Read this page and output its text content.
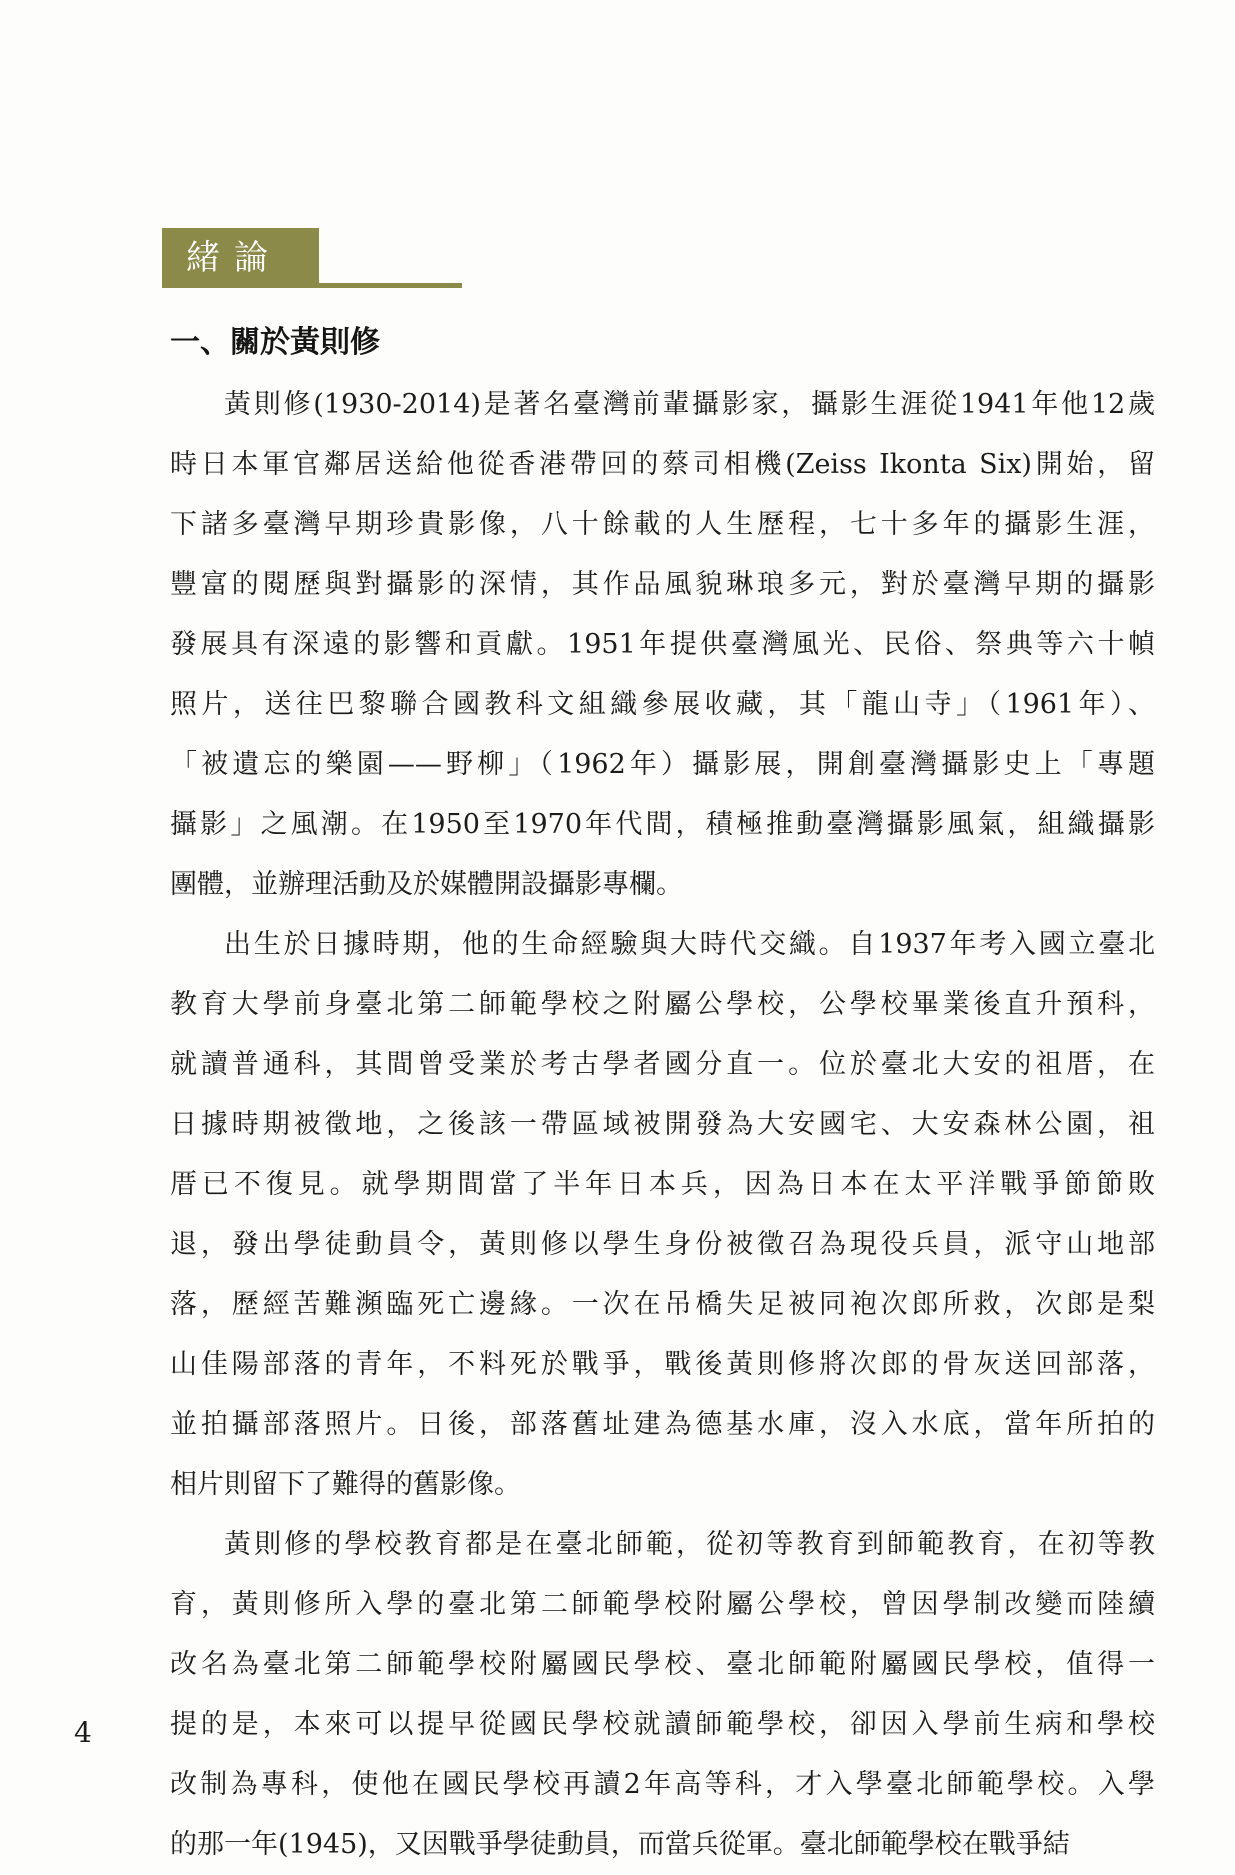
緒論
一、關於黃則修
黃則修(1930-2014)是著名臺灣前輩攝影家，攝影生涯從1941年他12歲
時日本軍官鄰居送給他從香港帶回的蔡司相機(Zeiss Ikonta Six)開始，留
下諸多臺灣早期珍貴影像，八十餘載的人生歷程，七十多年的攝影生涯，
豐富的閱歷與對攝影的深情，其作品風貌琳琅多元，對於臺灣早期的攝影
發展具有深遠的影響和貢獻。1951年提供臺灣風光、民俗、祭典等六十幀
照片，送往巴黎聯合國教科文組織參展收藏，其「龍山寺」（1961年）、
「被遺忘的樂園——野柳」（1962年）攝影展，開創臺灣攝影史上「專題
攝影」之風潮。在1950至1970年代間，積極推動臺灣攝影風氣，組織攝影
團體，並辦理活動及於媒體開設攝影專欄。
出生於日據時期，他的生命經驗與大時代交織。自1937年考入國立臺北
教育大學前身臺北第二師範學校之附屬公學校，公學校畢業後直升預科，
就讀普通科，其間曾受業於考古學者國分直一。位於臺北大安的祖厝，在
日據時期被徵地，之後該一帶區域被開發為大安國宅、大安森林公園，祖
厝已不復見。就學期間當了半年日本兵，因為日本在太平洋戰爭節節敗
退，發出學徒動員令，黃則修以學生身份被徵召為現役兵員，派守山地部
落，歷經苦難瀕臨死亡邊緣。一次在吊橋失足被同袍次郎所救，次郎是梨
山佳陽部落的青年，不料死於戰爭，戰後黃則修將次郎的骨灰送回部落，
並拍攝部落照片。日後，部落舊址建為德基水庫，沒入水底，當年所拍的
相片則留下了難得的舊影像。
黃則修的學校教育都是在臺北師範，從初等教育到師範教育，在初等教
育，黃則修所入學的臺北第二師範學校附屬公學校，曾因學制改變而陸續
改名為臺北第二師範學校附屬國民學校、臺北師範附屬國民學校，值得一
提的是，本來可以提早從國民學校就讀師範學校，卻因入學前生病和學校
改制為專科，使他在國民學校再讀2年高等科，才入學臺北師範學校。入學
的那一年(1945)，又因戰爭學徒動員，而當兵從軍。臺北師範學校在戰爭結
4
